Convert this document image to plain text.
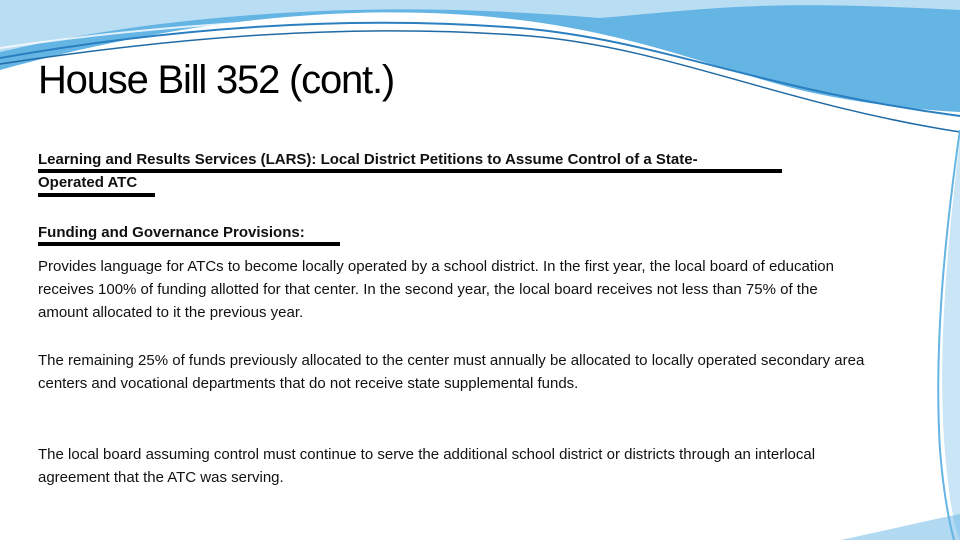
House Bill 352 (cont.)

Learning and Results Services (LARS): Local District Petitions to Assume Control of a State-

Operated ATC

Funding and Governance Provisions:

Provides language for ATCs to become locally operated by a school district. In the first year, the local board of education receives 100% of funding allotted for that center. In the second year, the local board receives not less than 75% of the amount allocated to it the previous year.

The remaining 25% of funds previously allocated to the center must annually be allocated to locally operated secondary area centers and vocational departments that do not receive state supplemental funds.

The local board assuming control must continue to serve the additional school district or districts through an interlocal agreement that the ATC was serving.
